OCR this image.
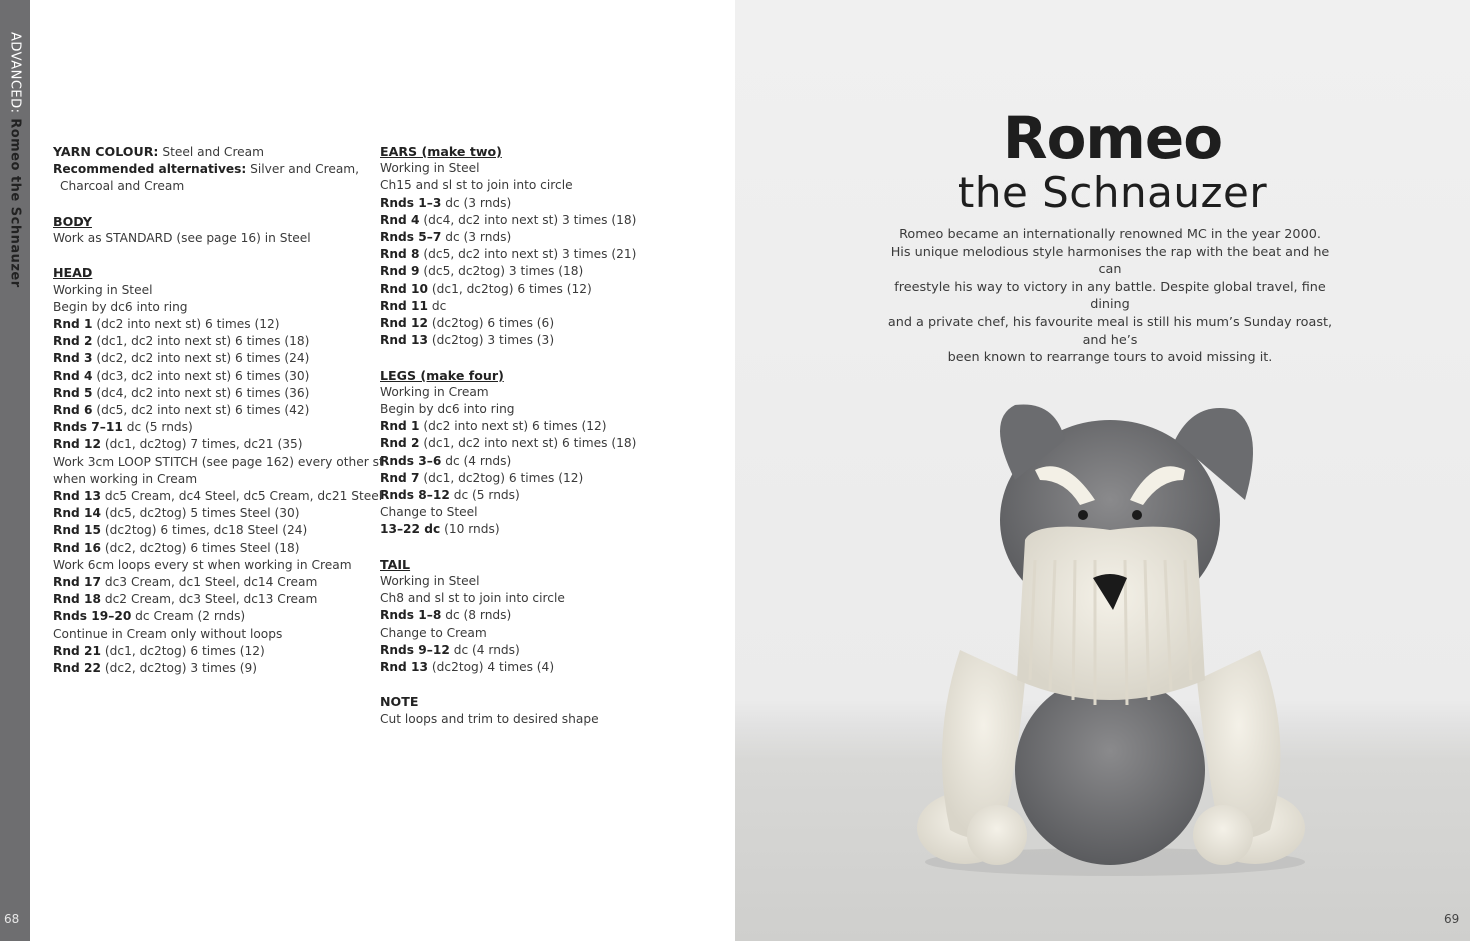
ADVANCED: Romeo the Schnauzer
68
YARN COLOUR: Steel and Cream
Recommended alternatives: Silver and Cream,
Charcoal and Cream
BODY
Work as STANDARD (see page 16) in Steel
HEAD
Working in Steel
Begin by dc6 into ring
Rnd 1 (dc2 into next st) 6 times (12)
Rnd 2 (dc1, dc2 into next st) 6 times (18)
Rnd 3 (dc2, dc2 into next st) 6 times (24)
Rnd 4 (dc3, dc2 into next st) 6 times (30)
Rnd 5 (dc4, dc2 into next st) 6 times (36)
Rnd 6 (dc5, dc2 into next st) 6 times (42)
Rnds 7–11 dc (5 rnds)
Rnd 12 (dc1, dc2tog) 7 times, dc21 (35)
Work 3cm LOOP STITCH (see page 162) every other st
when working in Cream
Rnd 13 dc5 Cream, dc4 Steel, dc5 Cream, dc21 Steel
Rnd 14 (dc5, dc2tog) 5 times Steel (30)
Rnd 15 (dc2tog) 6 times, dc18 Steel (24)
Rnd 16 (dc2, dc2tog) 6 times Steel (18)
Work 6cm loops every st when working in Cream
Rnd 17 dc3 Cream, dc1 Steel, dc14 Cream
Rnd 18 dc2 Cream, dc3 Steel, dc13 Cream
Rnds 19–20 dc Cream (2 rnds)
Continue in Cream only without loops
Rnd 21 (dc1, dc2tog) 6 times (12)
Rnd 22 (dc2, dc2tog) 3 times (9)
EARS (make two)
Working in Steel
Ch15 and sl st to join into circle
Rnds 1–3 dc (3 rnds)
Rnd 4 (dc4, dc2 into next st) 3 times (18)
Rnds 5–7 dc (3 rnds)
Rnd 8 (dc5, dc2 into next st) 3 times (21)
Rnd 9 (dc5, dc2tog) 3 times (18)
Rnd 10 (dc1, dc2tog) 6 times (12)
Rnd 11 dc
Rnd 12 (dc2tog) 6 times (6)
Rnd 13 (dc2tog) 3 times (3)
LEGS (make four)
Working in Cream
Begin by dc6 into ring
Rnd 1 (dc2 into next st) 6 times (12)
Rnd 2 (dc1, dc2 into next st) 6 times (18)
Rnds 3–6 dc (4 rnds)
Rnd 7 (dc1, dc2tog) 6 times (12)
Rnds 8–12 dc (5 rnds)
Change to Steel
13–22 dc (10 rnds)
TAIL
Working in Steel
Ch8 and sl st to join into circle
Rnds 1–8 dc (8 rnds)
Change to Cream
Rnds 9–12 dc (4 rnds)
Rnd 13 (dc2tog) 4 times (4)
NOTE
Cut loops and trim to desired shape
Romeo
the Schnauzer
Romeo became an internationally renowned MC in the year 2000.
His unique melodious style harmonises the rap with the beat and he can
freestyle his way to victory in any battle. Despite global travel, fine dining
and a private chef, his favourite meal is still his mum’s Sunday roast, and he’s
been known to rearrange tours to avoid missing it.
69
